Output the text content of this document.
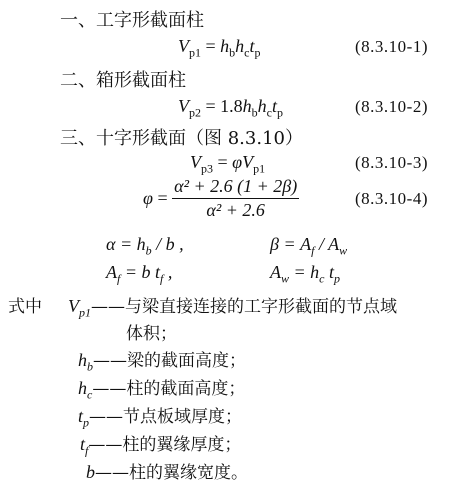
一、工字形截面柱
$V_{p1} = h_bh_ct_p$	(8.3.10-1)
二、箱形截面柱
$V_{p2} = 1.8h_bh_ct_p$	(8.3.10-2)
三、十字形截面（图 8.3.10）
$V_{p3} = \varphi V_{p1}$	(8.3.10-3)
$\varphi = \frac{\text{α² + 2.6 (1 + 2β)}}{\text{α² + 2.6}}$	(8.3.10-4)
$\alpha = h_b / b$ ,	$\beta = A_f / A_w$
$A_f = b$ $t_f$ ,	$A_w = h_c$ $t_p$
式中 $V_{p1}——$与梁直接连接的工字形截面的节点域
体积；
$h_b——$梁的截面高度；
$h_c——$柱的截面高度；
$t_p——$节点板域厚度；
$t_f——$柱的翼缘厚度；
b——柱的翼缘宽度。
